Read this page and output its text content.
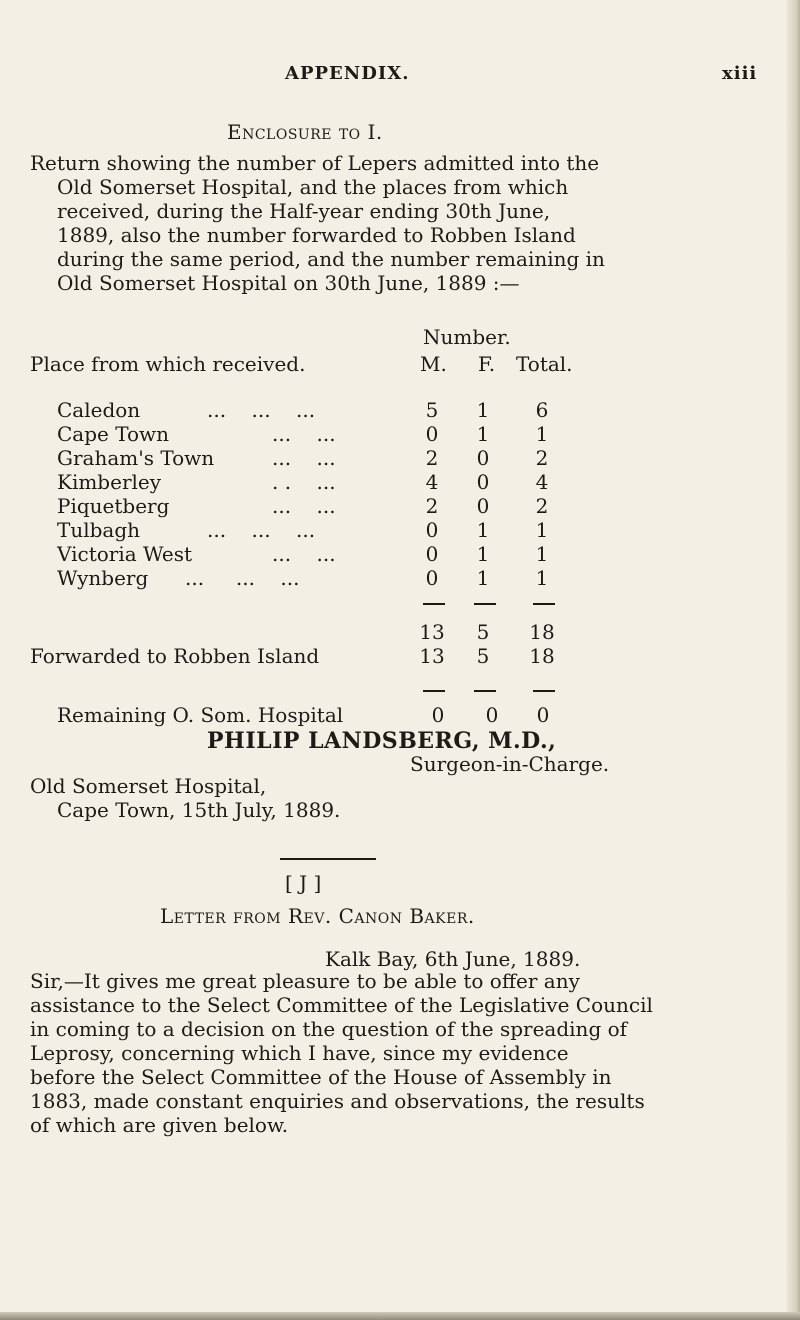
APPENDIX.	xiii
Enclosure to I.
Return showing the number of Lepers admitted into the
Old Somerset Hospital, and the places from which
received, during the Half-year ending 30th June,
1889, also the number forwarded to Robben Island
during the same period, and the number remaining in
Old Somerset Hospital on 30th June, 1889 :—
Number.
Place from which received.	M. F. Total.
Caledon	...    ...    ...	5	1	6
Cape Town	...    ...	0	1	1
Graham's Town	...    ...	2	0	2
Kimberley	. .    ...	4	0	4
Piquetberg	...    ...	2	0	2
Tulbagh	...    ...    ...	0	1	1
Victoria West	...    ...	0	1	1
Wynberg ...     ...    ...	0	1	1
13	5	18
Forwarded to Robben Island	13	5	18
Remaining O. Som. Hospital	0	0	0
PHILIP LANDSBERG, M.D.,
Surgeon-in-Charge.
Old Somerset Hospital,
Cape Town, 15th July, 1889.
[ J ]
Letter from Rev. Canon Baker.
Kalk Bay, 6th June, 1889.
Sir,—It gives me great pleasure to be able to offer any
assistance to the Select Committee of the Legislative Council
in coming to a decision on the question of the spreading of
Leprosy, concerning which I have, since my evidence
before the Select Committee of the House of Assembly in
1883, made constant enquiries and observations, the results
of which are given below.
